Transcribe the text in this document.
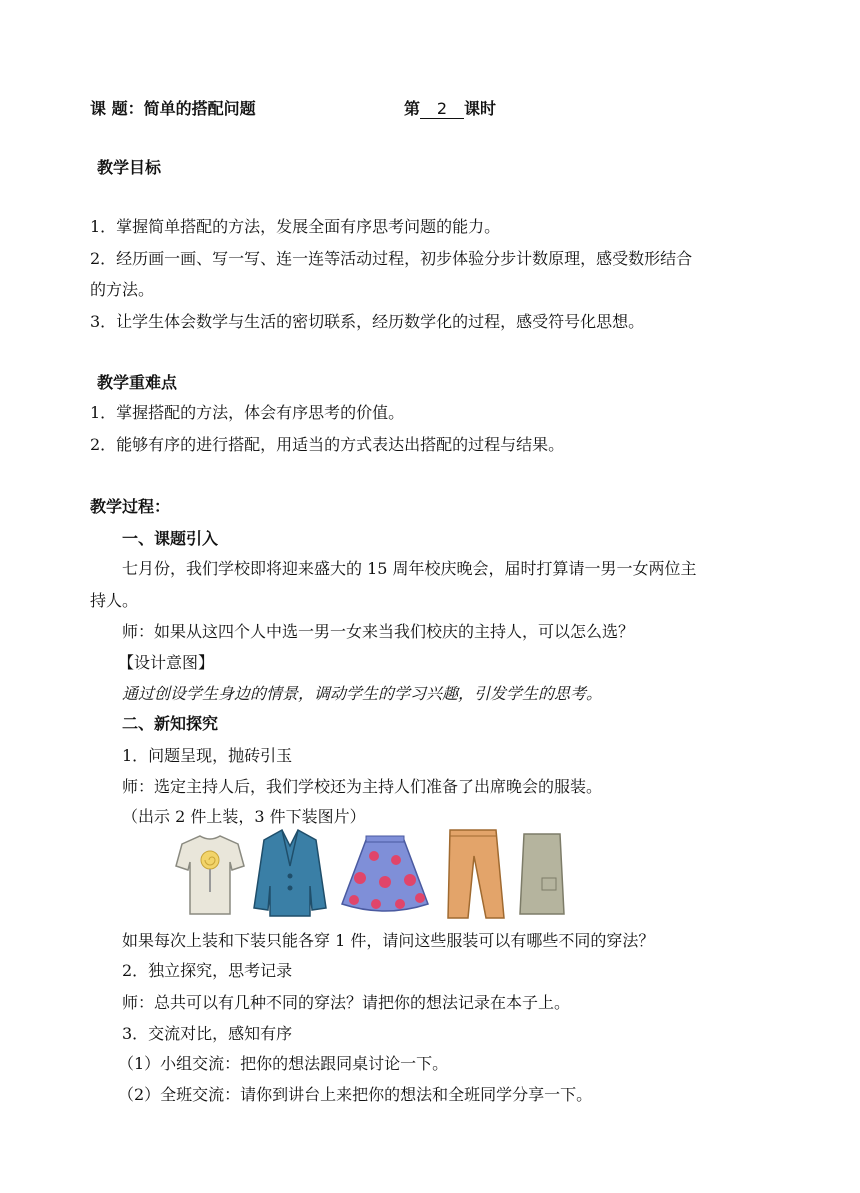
课 题：简单的搭配问题	第 2 课时
教学目标
1．掌握简单搭配的方法，发展全面有序思考问题的能力。
2．经历画一画、写一写、连一连等活动过程，初步体验分步计数原理，感受数形结合
的方法。
3．让学生体会数学与生活的密切联系，经历数学化的过程，感受符号化思想。
教学重难点
1．掌握搭配的方法，体会有序思考的价值。
2．能够有序的进行搭配，用适当的方式表达出搭配的过程与结果。
教学过程：
一、课题引入
七月份，我们学校即将迎来盛大的 15 周年校庆晚会，届时打算请一男一女两位主
持人。
师：如果从这四个人中选一男一女来当我们校庆的主持人，可以怎么选？
【设计意图】
通过创设学生身边的情景，调动学生的学习兴趣，引发学生的思考。
二、新知探究
1．问题呈现，抛砖引玉
师：选定主持人后，我们学校还为主持人们准备了出席晚会的服装。
（出示 2 件上装，3 件下装图片）
如果每次上装和下装只能各穿 1 件，请问这些服装可以有哪些不同的穿法？
2．独立探究，思考记录
师：总共可以有几种不同的穿法？请把你的想法记录在本子上。
3．交流对比，感知有序
（1）小组交流：把你的想法跟同桌讨论一下。
（2）全班交流：请你到讲台上来把你的想法和全班同学分享一下。
